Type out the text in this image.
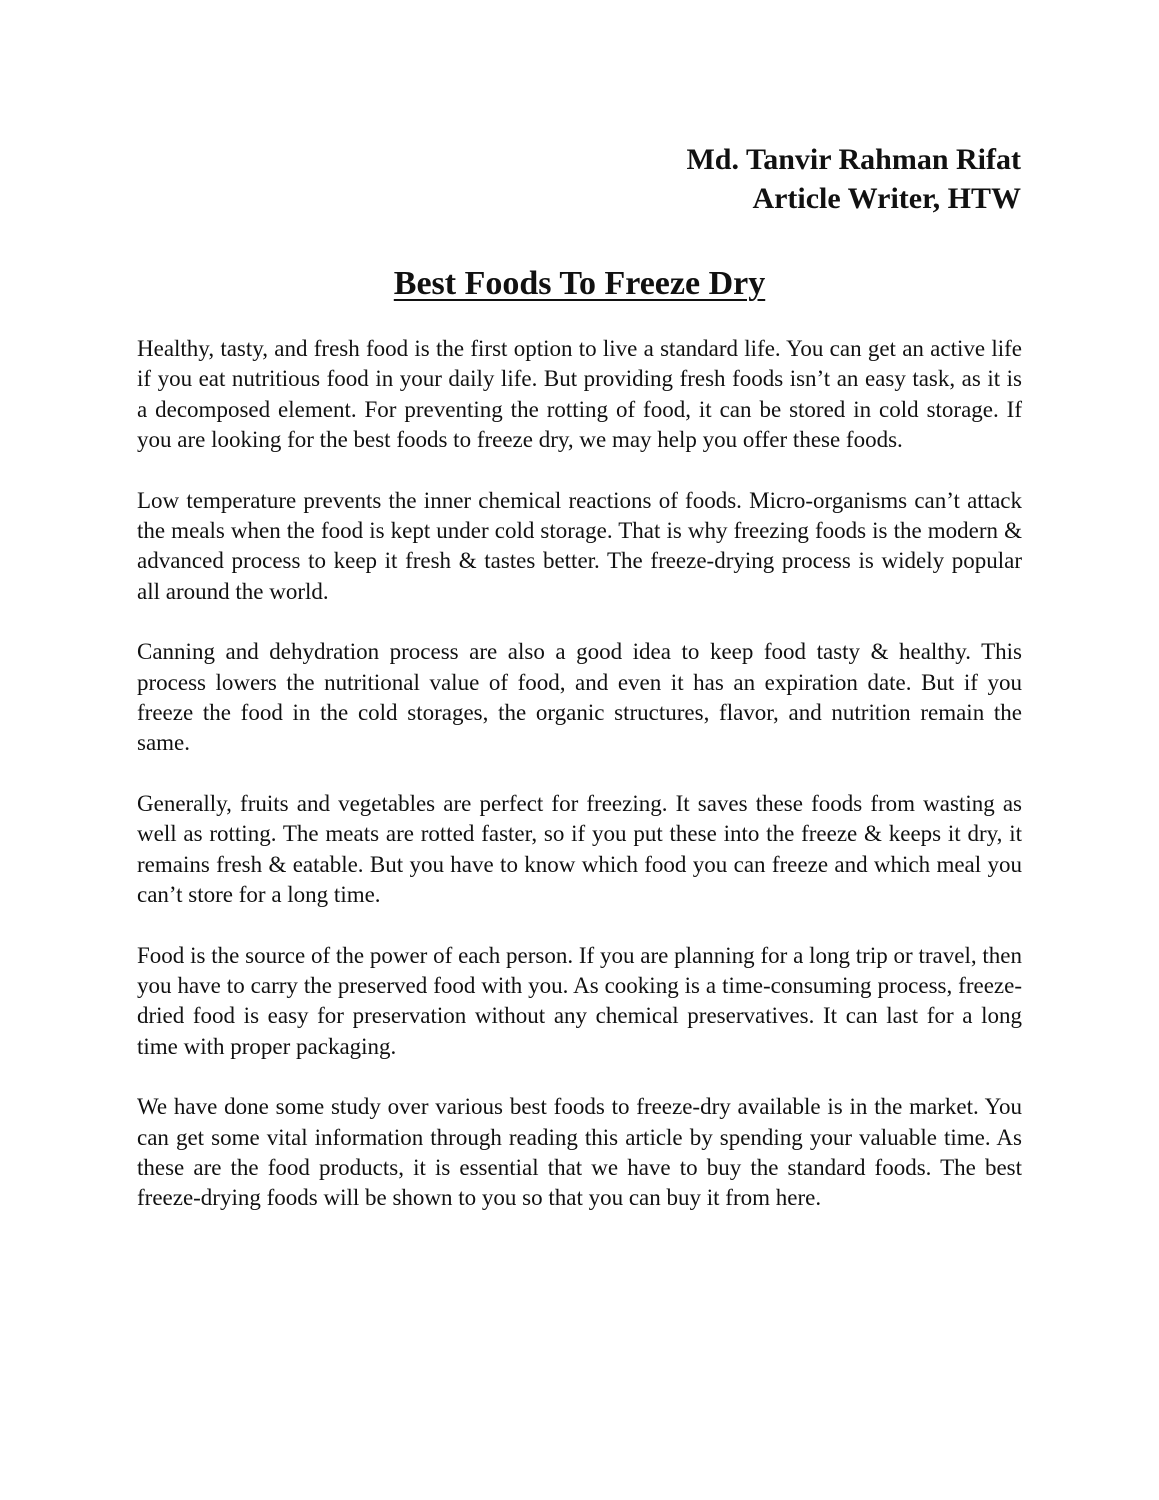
Md. Tanvir Rahman Rifat
Article Writer, HTW
Best Foods To Freeze Dry

Healthy, tasty, and fresh food is the first option to live a standard life. You can get an active life if you eat nutritious food in your daily life. But providing fresh foods isn’t an easy task, as it is a decomposed element. For preventing the rotting of food, it can be stored in cold storage. If you are looking for the best foods to freeze dry, we may help you offer these foods.

Low temperature prevents the inner chemical reactions of foods. Micro-organisms can’t attack the meals when the food is kept under cold storage. That is why freezing foods is the modern & advanced process to keep it fresh & tastes better. The freeze-drying process is widely popular all around the world.

Canning and dehydration process are also a good idea to keep food tasty & healthy. This process lowers the nutritional value of food, and even it has an expiration date. But if you freeze the food in the cold storages, the organic structures, flavor, and nutrition remain the same.

Generally, fruits and vegetables are perfect for freezing. It saves these foods from wasting as well as rotting. The meats are rotted faster, so if you put these into the freeze & keeps it dry, it remains fresh & eatable. But you have to know which food you can freeze and which meal you can’t store for a long time.

Food is the source of the power of each person. If you are planning for a long trip or travel, then you have to carry the preserved food with you. As cooking is a time-consuming process, freeze-dried food is easy for preservation without any chemical preservatives. It can last for a long time with proper packaging.

We have done some study over various best foods to freeze-dry available is in the market. You can get some vital information through reading this article by spending your valuable time. As these are the food products, it is essential that we have to buy the standard foods. The best freeze-drying foods will be shown to you so that you can buy it from here.
